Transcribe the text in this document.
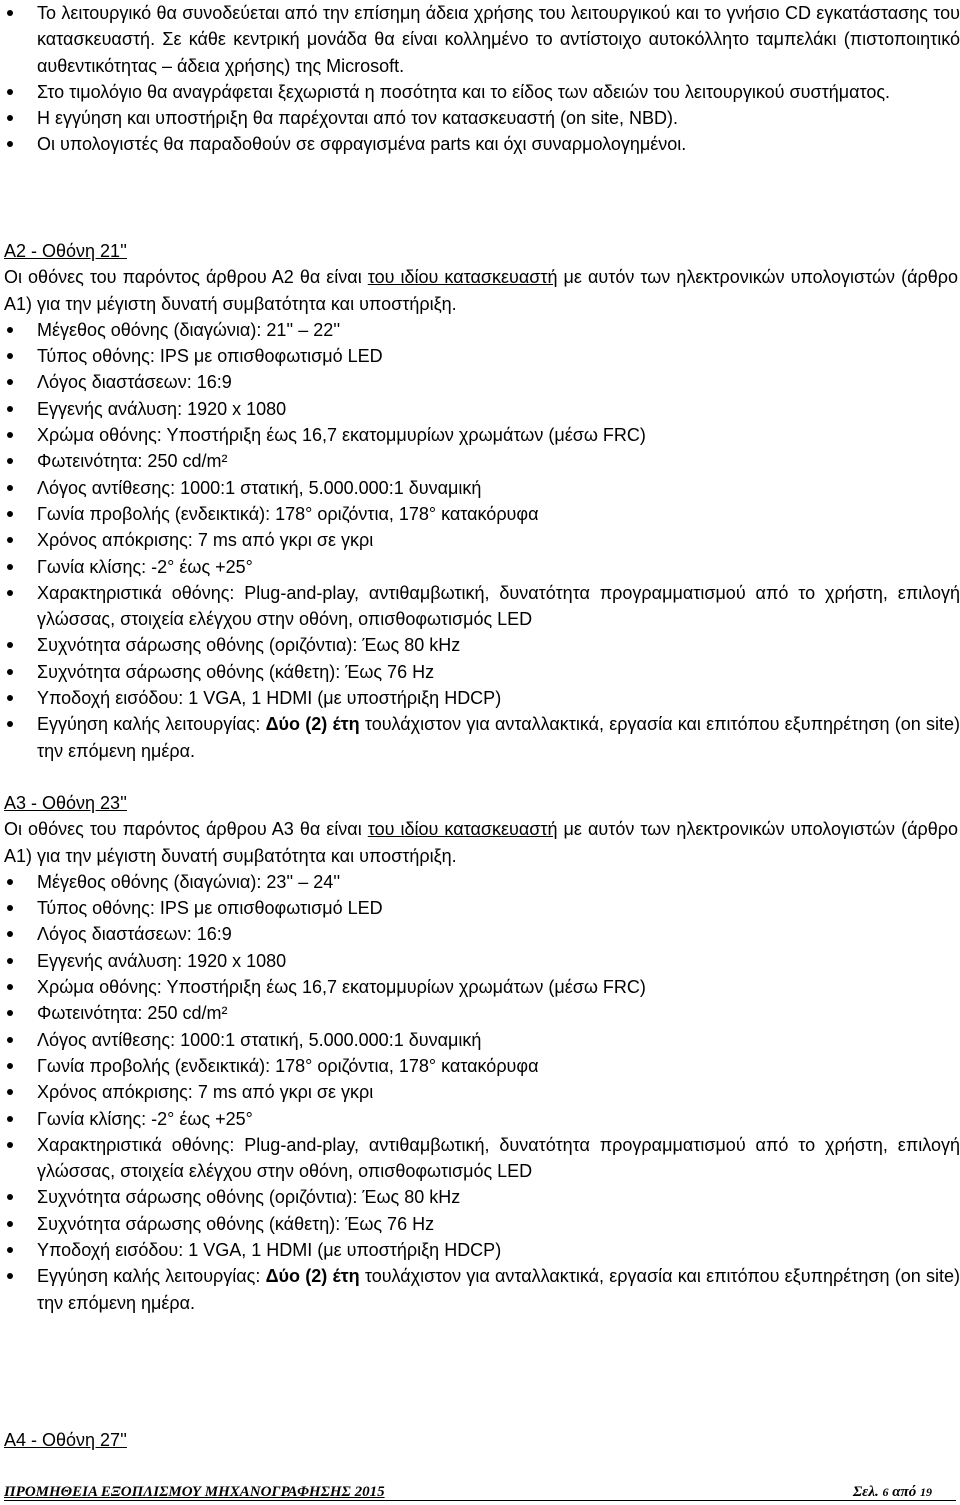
Το λειτουργικό θα συνοδεύεται από την επίσημη άδεια χρήσης του λειτουργικού και το γνήσιο CD εγκατάστασης του κατασκευαστή. Σε κάθε κεντρική μονάδα θα είναι κολλημένο το αντίστοιχο αυτοκόλλητο ταμπελάκι (πιστοποιητικό αυθεντικότητας – άδεια χρήσης) της Microsoft.
Στο τιμολόγιο θα αναγράφεται ξεχωριστά η ποσότητα και το είδος των αδειών του λειτουργικού συστήματος.
Η εγγύηση και υποστήριξη θα παρέχονται από τον κατασκευαστή (on site, NBD).
Οι υπολογιστές θα παραδοθούν σε σφραγισμένα parts και όχι συναρμολογημένοι.
Α2 - Οθόνη 21''
Οι οθόνες του παρόντος άρθρου Α2 θα είναι του ιδίου κατασκευαστή με αυτόν των ηλεκτρονικών υπολογιστών (άρθρο Α1) για την μέγιστη δυνατή συμβατότητα και υποστήριξη.
Μέγεθος οθόνης (διαγώνια): 21'' – 22''
Τύπος οθόνης: IPS με οπισθοφωτισμό LED
Λόγος διαστάσεων: 16:9
Εγγενής ανάλυση: 1920 x 1080
Χρώμα οθόνης: Υποστήριξη έως 16,7 εκατομμυρίων χρωμάτων (μέσω FRC)
Φωτεινότητα: 250 cd/m²
Λόγος αντίθεσης: 1000:1 στατική, 5.000.000:1 δυναμική
Γωνία προβολής (ενδεικτικά): 178° οριζόντια, 178° κατακόρυφα
Χρόνος απόκρισης: 7 ms από γκρι σε γκρι
Γωνία κλίσης: -2° έως +25°
Χαρακτηριστικά οθόνης: Plug-and-play, αντιθαμβωτική, δυνατότητα προγραμματισμού από το χρήστη, επιλογή γλώσσας, στοιχεία ελέγχου στην οθόνη, οπισθοφωτισμός LED
Συχνότητα σάρωσης οθόνης (οριζόντια): Έως 80 kHz
Συχνότητα σάρωσης οθόνης (κάθετη): Έως 76 Hz
Υποδοχή εισόδου: 1 VGA, 1 HDMI (με υποστήριξη HDCP)
Εγγύηση καλής λειτουργίας: Δύο (2) έτη τουλάχιστον για ανταλλακτικά, εργασία και επιτόπου εξυπηρέτηση (on site) την επόμενη ημέρα.
Α3 - Οθόνη 23''
Οι οθόνες του παρόντος άρθρου Α3 θα είναι του ιδίου κατασκευαστή με αυτόν των ηλεκτρονικών υπολογιστών (άρθρο Α1) για την μέγιστη δυνατή συμβατότητα και υποστήριξη.
Μέγεθος οθόνης (διαγώνια): 23'' – 24''
Τύπος οθόνης: IPS με οπισθοφωτισμό LED
Λόγος διαστάσεων: 16:9
Εγγενής ανάλυση: 1920 x 1080
Χρώμα οθόνης: Υποστήριξη έως 16,7 εκατομμυρίων χρωμάτων (μέσω FRC)
Φωτεινότητα: 250 cd/m²
Λόγος αντίθεσης: 1000:1 στατική, 5.000.000:1 δυναμική
Γωνία προβολής (ενδεικτικά): 178° οριζόντια, 178° κατακόρυφα
Χρόνος απόκρισης: 7 ms από γκρι σε γκρι
Γωνία κλίσης: -2° έως +25°
Χαρακτηριστικά οθόνης: Plug-and-play, αντιθαμβωτική, δυνατότητα προγραμματισμού από το χρήστη, επιλογή γλώσσας, στοιχεία ελέγχου στην οθόνη, οπισθοφωτισμός LED
Συχνότητα σάρωσης οθόνης (οριζόντια): Έως 80 kHz
Συχνότητα σάρωσης οθόνης (κάθετη): Έως 76 Hz
Υποδοχή εισόδου: 1 VGA, 1 HDMI (με υποστήριξη HDCP)
Εγγύηση καλής λειτουργίας: Δύο (2) έτη τουλάχιστον για ανταλλακτικά, εργασία και επιτόπου εξυπηρέτηση (on site) την επόμενη ημέρα.
Α4 - Οθόνη 27''
ΠΡΟΜΗΘΕΙΑ ΕΞΟΠΛΙΣΜΟΥ ΜΗΧΑΝΟΓΡΑΦΗΣΗΣ 2015	Σελ. 6 από 19
